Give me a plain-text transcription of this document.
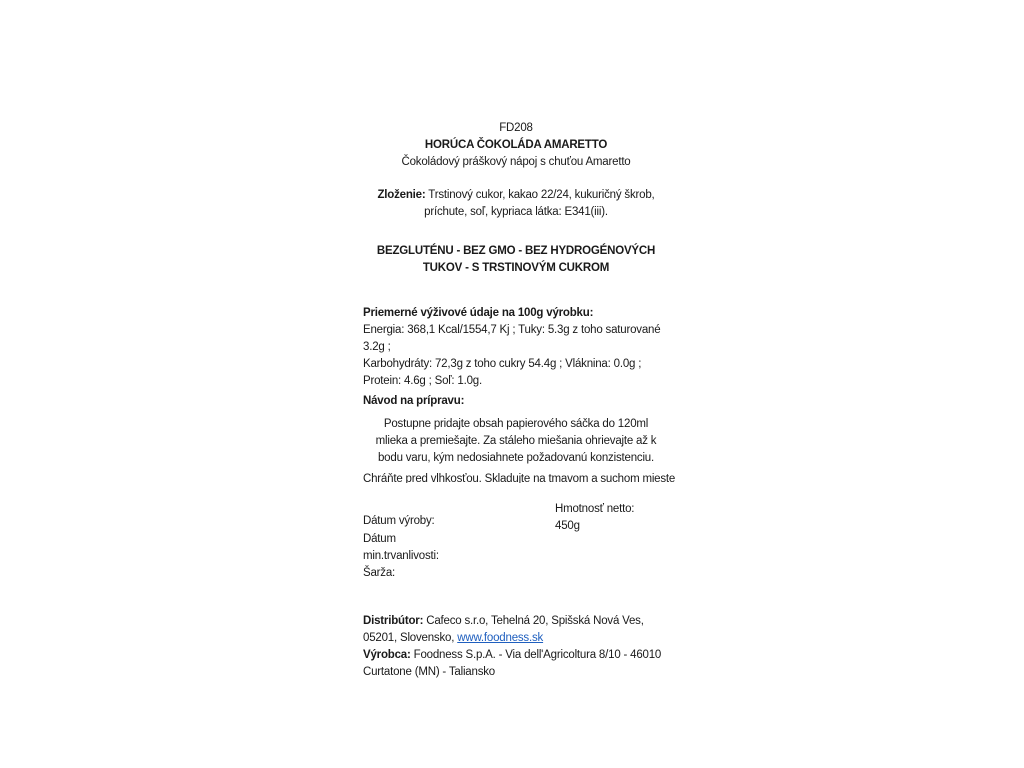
FD208
HORÚCA ČOKOLÁDA AMARETTO
Čokoládový práškový nápoj s chuťou Amaretto
Zloženie: Trstinový cukor, kakao 22/24, kukuričný škrob, príchute, soľ, kypriaca látka: E341(iii).
BEZGLUTÉNU - BEZ GMO - BEZ HYDROGÉNOVÝCH TUKOV - S TRSTINOVÝM CUKROM
Priemerné výživové údaje na 100g výrobku:
Energia: 368,1 Kcal/1554,7 Kj ; Tuky: 5.3g z toho saturované 3.2g ;
Karbohydráty: 72,3g z toho cukry 54.4g ; Vláknina: 0.0g ;
Protein: 4.6g ; Soľ: 1.0g.
Návod na prípravu:
Postupne pridajte obsah papierového sáčka do 120ml mlieka a premiešajte. Za stáleho miešania ohrievajte až k bodu varu, kým nedosiahnete požadovanú konzistenciu.
Chráňte pred vlhkosťou. Skladujte na tmavom a suchom mieste
Dátum výroby:
Hmotnosť netto:
450g
Dátum
min.trvanlivosti:
Šarža:
Distribútor: Cafeco s.r.o, Tehelná 20, Spišská Nová Ves, 05201, Slovensko, www.foodness.sk
Výrobca: Foodness S.p.A. - Via dell'Agricoltura 8/10 - 46010 Curtatone (MN) - Taliansko
